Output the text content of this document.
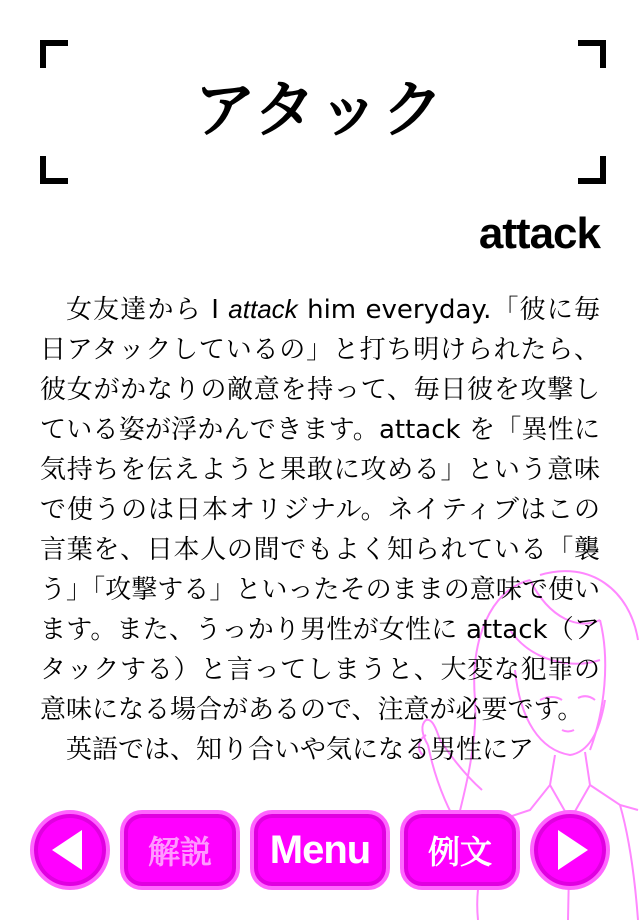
アタック
attack

女友達から I attack him everyday.「彼に毎日アタックしているの」と打ち明けられたら、彼女がかなりの敵意を持って、毎日彼を攻撃している姿が浮かんできます。attack を「異性に気持ちを伝えようと果敢に攻める」という意味で使うのは日本オリジナル。ネイティブはこの言葉を、日本人の間でもよく知られている「襲う」「攻撃する」といったそのままの意味で使います。また、うっかり男性が女性に attack（アタックする）と言ってしまうと、大変な犯罪の意味になる場合があるので、注意が必要です。

英語では、知り合いや気になる男性にア

解説	Menu	例文
